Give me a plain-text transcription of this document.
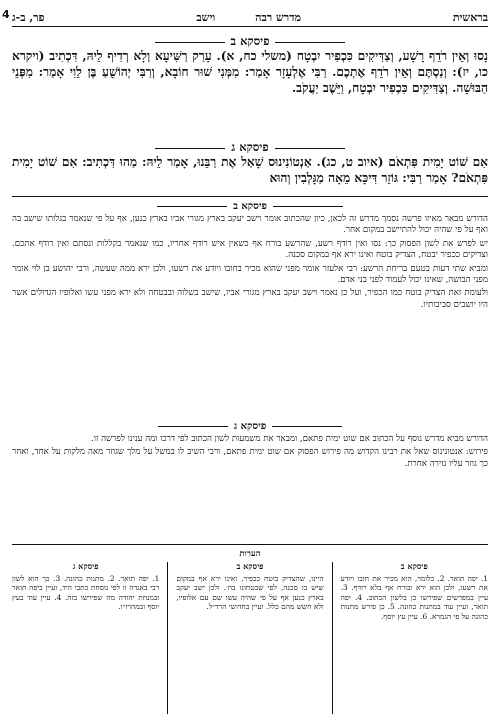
בראשית
מדרש רבה
וישב
פר, ב-ג
4
פיסקא ב
נָסוּ וְאֵין רֹדֵף רָשָׁע, וְצַדִּיקִים כִּכְפִיר יִבְטָח (משלי כח, א). עָרַק רַשִּׁיעָא וְלָא רְדִיף לֵיהּ, דִּכְתִיב (ויקרא כו, יז): וְנַסְתֶּם וְאֵין רֹדֵף אֶתְכֶם. רַבִּי אֶלְעָזָר אָמַר: מִמְּנִי שׁוּר חוֹבָא, וְרַבִּי יְהוֹשֻׁעַ בֶּן לֵוִי אָמַר: מִפְּנֵי הַבּוּשָׁה. וְצַדִּיקִים כִּכְפִיר יִבְטָח, וַיֵּשֶׁב יַעֲקֹב.
פיסקא ג
אִם שׁוֹט יָמִית פִּתְאֹם (איוב ט, כג). אַנְטוֹנִינוּס שָׁאַל אֶת רַבֵּנוּ, אָמַר לֵיהּ: מַהוּ דִּכְתִיב: אִם שׁוֹט יָמִית פִּתְאֹם? אָמַר רַבִּי: גּוֹזֵר דִּיכָּא מֵאָה מַגָּלְבִין וְהוּא
פיסקא ב

הדורש מבאר מאיזו פרשה נסמך מדרש זה לכאן, כיון שהכתוב אומר וישב יעקב בארץ מגורי אביו בארץ כנען, אף על פי שנאמר בגלותו שישב בה ואף על פי שהיה יכול להתיישב במקום אחר.

יש לפרש את לשון הפסוק כך: נסו ואין רודף רשע, שהרשע בורח אף כשאין איש רודף אחריו, כמו שנאמר בקללות ונסתם ואין רודף אתכם. וצדיקים ככפיר יבטח, הצדיק בוטח ואינו ירא אף במקום סכנה.

ומביא שתי דעות בטעם בריחת הרשע: רבי אלעזר אומר מפני שהוא מכיר בחובו ויודע את רשעו, ולכן ירא ממה שעשה, ורבי יהושע בן לוי אומר מפני הבושה, שאינו יכול לעמוד לפני בני אדם.

ולעומת זאת הצדיק בוטח כמו הכפיר, ועל כן נאמר וישב יעקב בארץ מגורי אביו, שישב בשלוה ובבטחה ולא ירא מפני עשו ואלופיו הגדולים אשר היו יושבים סביבותיו.

פיסקא ג

הדורש מביא מדרש נוסף על הכתוב אם שוט ימית פתאם, ומבאר את משמעות לשון הכתוב לפי דרכו ומה ענינו לפרשה זו.

פירוש: אנטונינוס שאל את רבינו הקדוש מה פירוש הפסוק אם שוט ימית פתאם, ורבי השיב לו במשל על מלך שגוזר מאה מלקות על אחד, ואחר כך גוזר עליו גזירה אחרת.

הערות
פיסקא ב
1. יפה תואר. 2. כלומר, הוא מכיר את חובו ויודע את רשעו, ולכן הוא ירא ובורח אף בלא רודף. 3. עיין במפרשים שפירשו כן בלשון הכתוב. 4. יפה תואר, ועיין עוד במתנות כהונה. 5. כן פירש מתנות כהונה על פי הגמרא. 6. עיין עץ יוסף.
פיסקא ב
היינו, שהצדיק בוטח ככפיר, ואינו ירא אף במקום שיש בו סכנה, לפי שבטחונו בה׳. ולכן ישב יעקב בארץ כנען אף על פי שהיה עשו שם עם אלופיו, ולא חשש מהם כלל. ועיין בחדושי הרד״ל.
פיסקא ג
1. יפה תואר. 2. מתנות כהונה. 3. כך הוא לשון רבי באגדה זו לפי נוסחת כתבי היד, ועיין ביפה תואר ובמנחת יהודה מה שפירשו בזה. 4. עיין עוד בעץ יוסף ובמהרז״ו.
